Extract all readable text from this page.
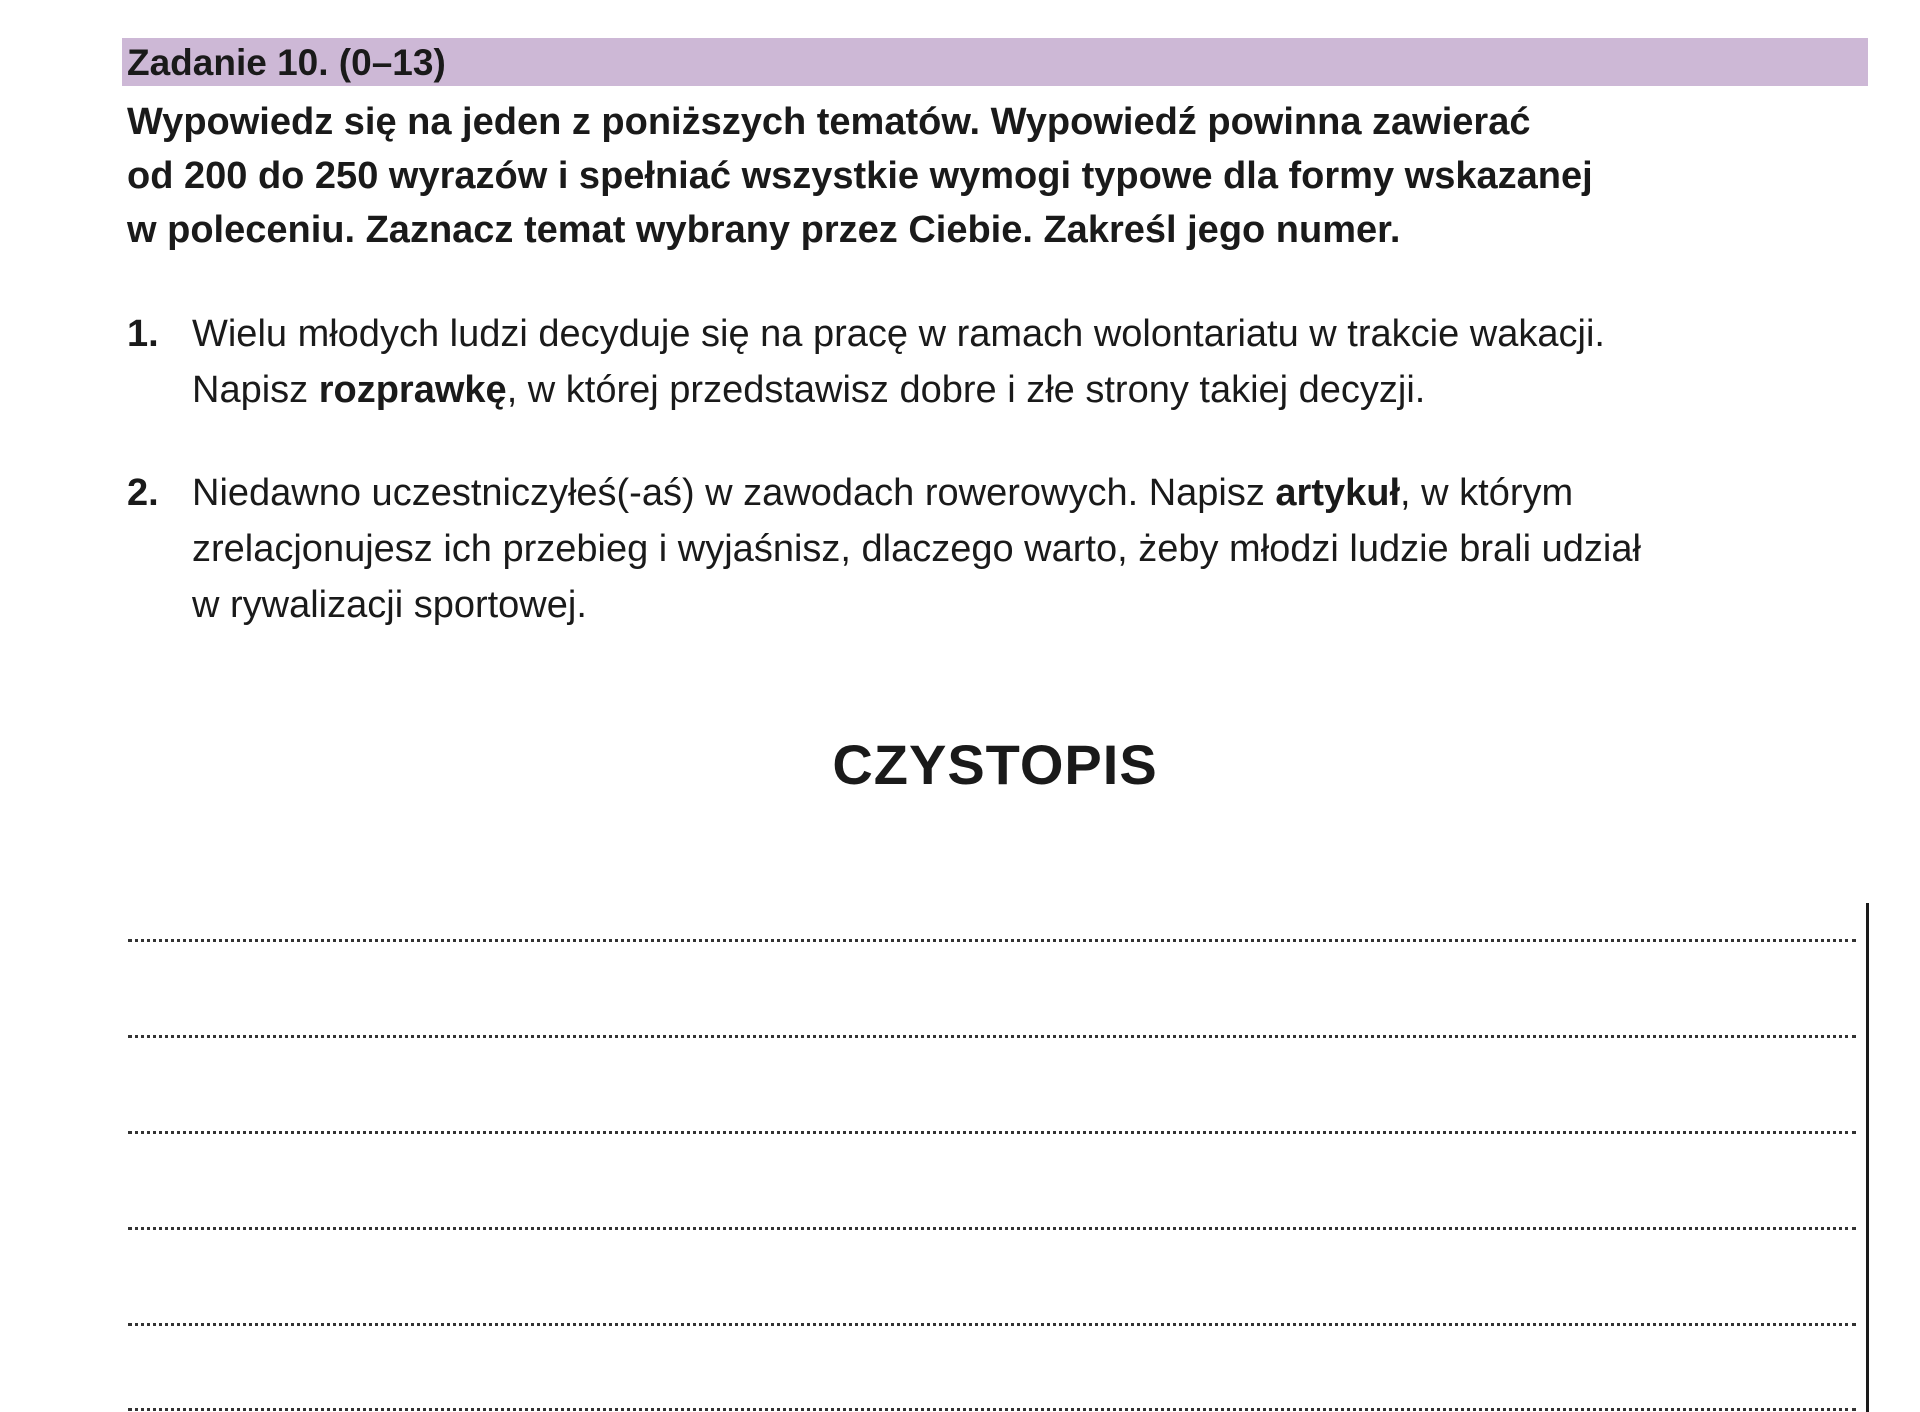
Zadanie 10. (0–13)
Wypowiedz się na jeden z poniższych tematów. Wypowiedź powinna zawierać
od 200 do 250 wyrazów i spełniać wszystkie wymogi typowe dla formy wskazanej
w poleceniu. Zaznacz temat wybrany przez Ciebie. Zakreśl jego numer.
1. Wielu młodych ludzi decyduje się na pracę w ramach wolontariatu w trakcie wakacji.
Napisz rozprawkę, w której przedstawisz dobre i złe strony takiej decyzji.
2. Niedawno uczestniczyłeś(-aś) w zawodach rowerowych. Napisz artykuł, w którym
zrelacjonujesz ich przebieg i wyjaśnisz, dlaczego warto, żeby młodzi ludzie brali udział
w rywalizacji sportowej.
CZYSTOPIS
